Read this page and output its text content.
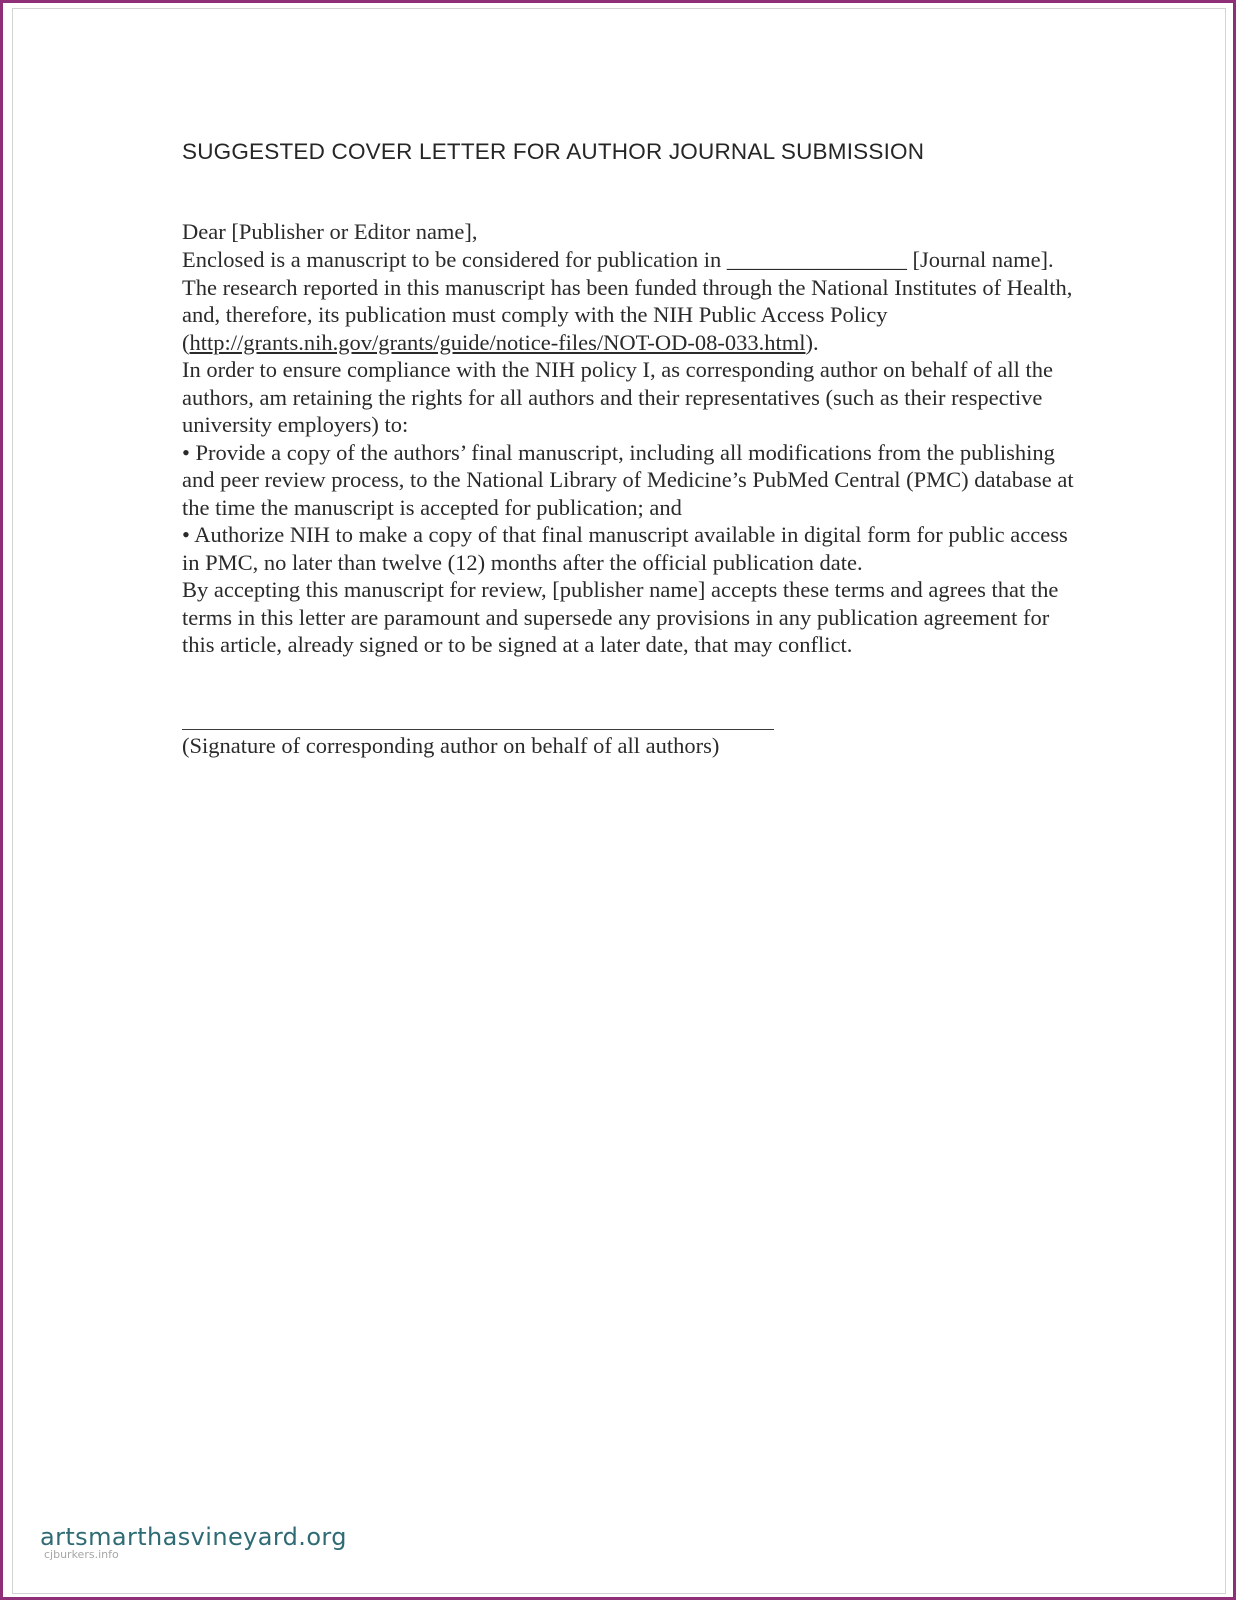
SUGGESTED COVER LETTER FOR AUTHOR JOURNAL SUBMISSION
Dear [Publisher or Editor name],

Enclosed is a manuscript to be considered for publication in ________________ [Journal name]. The research reported in this manuscript has been funded through the National Institutes of Health, and, therefore, its publication must comply with the NIH Public Access Policy (http://grants.nih.gov/grants/guide/notice-files/NOT-OD-08-033.html).

In order to ensure compliance with the NIH policy I, as corresponding author on behalf of all the authors, am retaining the rights for all authors and their representatives (such as their respective university employers) to:

• Provide a copy of the authors’ final manuscript, including all modifications from the publishing and peer review process, to the National Library of Medicine’s PubMed Central (PMC) database at the time the manuscript is accepted for publication; and
• Authorize NIH to make a copy of that final manuscript available in digital form for public access in PMC, no later than twelve (12) months after the official publication date.

By accepting this manuscript for review, [publisher name] accepts these terms and agrees that the terms in this letter are paramount and supersede any provisions in any publication agreement for this article, already signed or to be signed at a later date, that may conflict.

(Signature of corresponding author on behalf of all authors)
artsmarthasvineyard.org
cjburkers.info
